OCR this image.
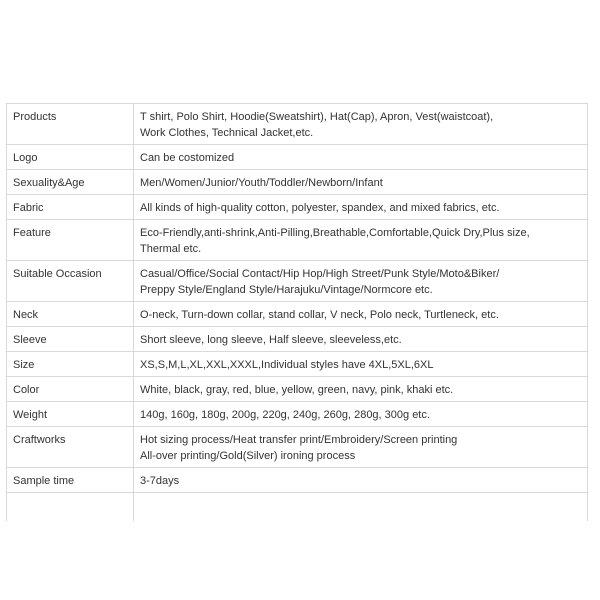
Products	T shirt, Polo Shirt, Hoodie(Sweatshirt), Hat(Cap), Apron, Vest(waistcoat),
Work Clothes, Technical Jacket,etc.

Logo	Can be costomized

Sexuality&Age	Men/Women/Junior/Youth/Toddler/Newborn/Infant

Fabric	All kinds of high-quality cotton, polyester, spandex, and mixed fabrics, etc.

Feature	Eco-Friendly,anti-shrink,Anti-Pilling,Breathable,Comfortable,Quick Dry,Plus size,
Thermal etc.

Suitable Occasion	Casual/Office/Social Contact/Hip Hop/High Street/Punk Style/Moto&Biker/
Preppy Style/England Style/Harajuku/Vintage/Normcore etc.

Neck	O-neck, Turn-down collar, stand collar, V neck, Polo neck, Turtleneck, etc.

Sleeve	Short sleeve, long sleeve, Half sleeve, sleeveless,etc.

Size	XS,S,M,L,XL,XXL,XXXL,Individual styles have 4XL,5XL,6XL

Color	White, black, gray, red, blue, yellow, green, navy, pink, khaki etc.

Weight	140g, 160g, 180g, 200g, 220g, 240g, 260g, 280g, 300g etc.

Craftworks	Hot sizing process/Heat transfer print/Embroidery/Screen printing
All-over printing/Gold(Silver) ironing process

Sample time	3-7days
